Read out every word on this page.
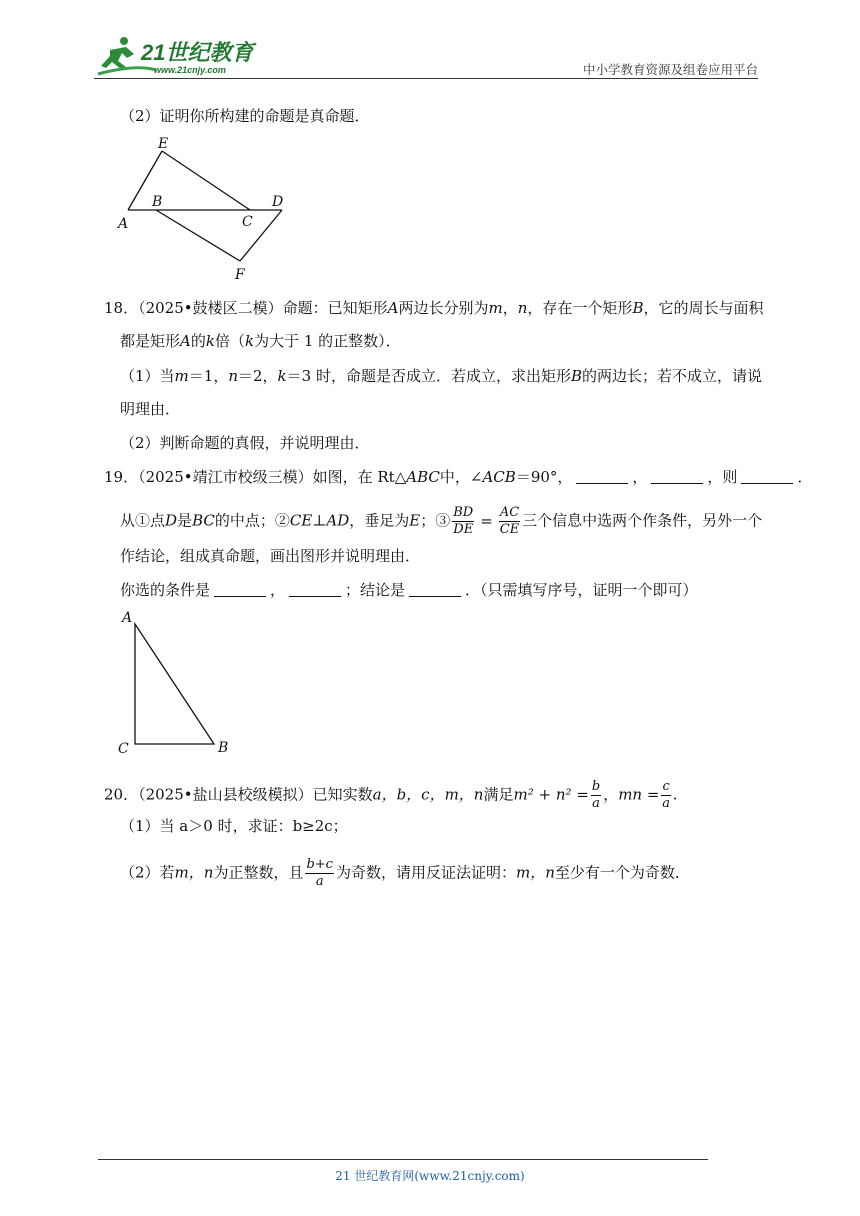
21世纪教育
www.21cnjy.com	中小学教育资源及组卷应用平台
（2）证明你所构建的命题是真命题．
E
A
B
C
D
F
18．（2025•鼓楼区二模）命题：已知矩形A两边长分别为m，n，存在一个矩形B，它的周长与面积
都是矩形A的k倍（k为大于 1 的正整数）．
（1）当m＝1，n＝2，k＝3 时，命题是否成立．若成立，求出矩形B的两边长；若不成立，请说
明理由．
（2）判断命题的真假，并说明理由．
19．（2025•靖江市校级三模）如图，在 Rt△ABC中，∠ACB＝90°，	，	，则	．
从①点D是BC的中点；②CE⊥AD，垂足为E；③ $\frac{BD}{DE} = \frac{AC}{CE}$ 三个信息中选两个作条件，另外一个
作结论，组成真命题，画出图形并说明理由．
你选的条件是	，	；结论是	．（只需填写序号，证明一个即可）
A
C	B
20．（2025•盐山县校级模拟）已知实数a，b，c，m，n满足$m^2 + n^2 = \frac{b}{a}$ ，mn = $\frac{c}{a}$ .
（1）当 a＞0 时，求证：b≥2c；
（2）若m，n为正整数，且 $\frac{b+c}{a}$ 为奇数，请用反证法证明：m，n至少有一个为奇数．
21 世纪教育网(www.21cnjy.com)
